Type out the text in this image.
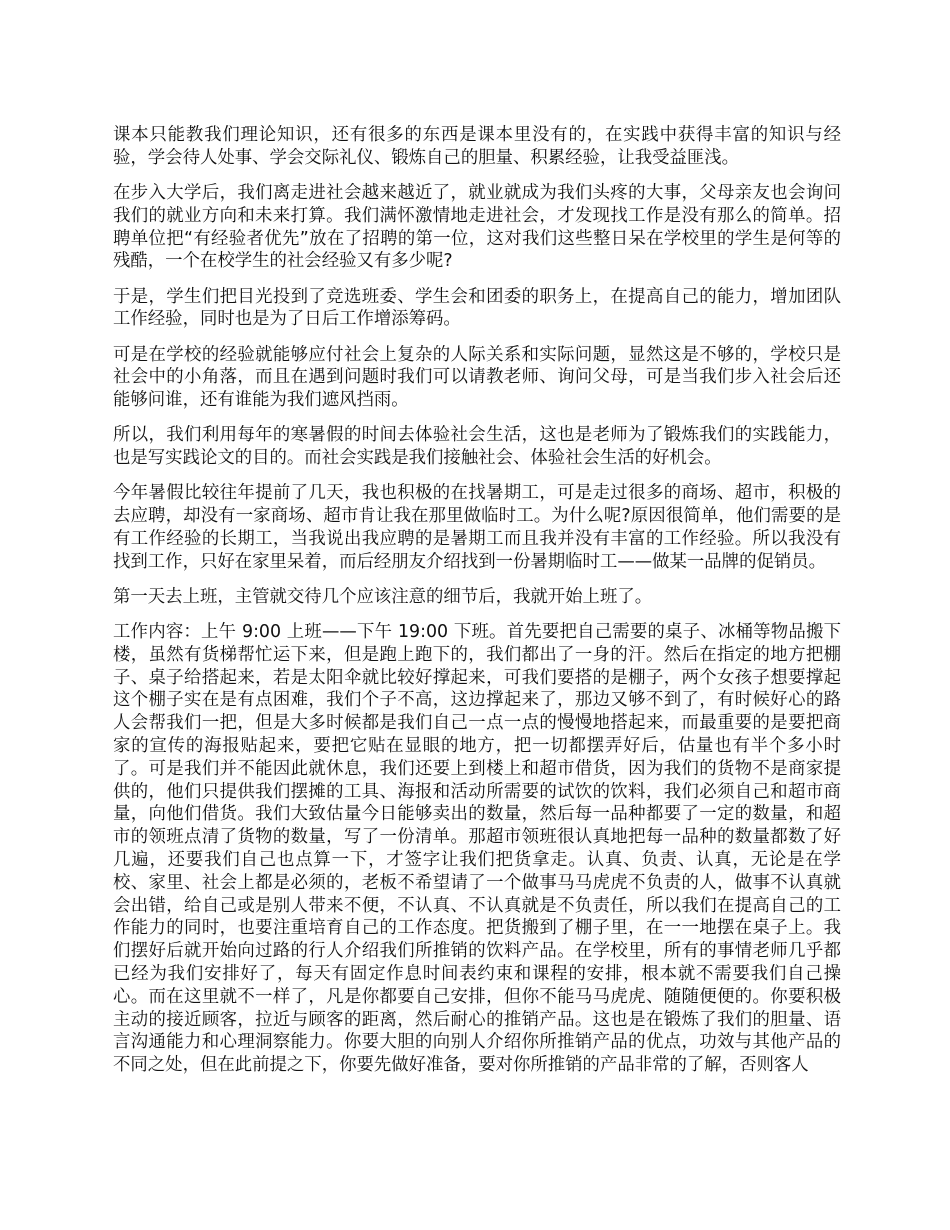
课本只能教我们理论知识，还有很多的东西是课本里没有的，在实践中获得丰富的知识与经验，学会待人处事、学会交际礼仪、锻炼自己的胆量、积累经验，让我受益匪浅。

在步入大学后，我们离走进社会越来越近了，就业就成为我们头疼的大事，父母亲友也会询问我们的就业方向和未来打算。我们满怀激情地走进社会，才发现找工作是没有那么的简单。招聘单位把“有经验者优先”放在了招聘的第一位，这对我们这些整日呆在学校里的学生是何等的残酷，一个在校学生的社会经验又有多少呢?

于是，学生们把目光投到了竞选班委、学生会和团委的职务上，在提高自己的能力，增加团队工作经验，同时也是为了日后工作增添筹码。

可是在学校的经验就能够应付社会上复杂的人际关系和实际问题，显然这是不够的，学校只是社会中的小角落，而且在遇到问题时我们可以请教老师、询问父母，可是当我们步入社会后还能够问谁，还有谁能为我们遮风挡雨。

所以，我们利用每年的寒暑假的时间去体验社会生活，这也是老师为了锻炼我们的实践能力，也是写实践论文的目的。而社会实践是我们接触社会、体验社会生活的好机会。

今年暑假比较往年提前了几天，我也积极的在找暑期工，可是走过很多的商场、超市，积极的去应聘，却没有一家商场、超市肯让我在那里做临时工。为什么呢?原因很简单，他们需要的是有工作经验的长期工，当我说出我应聘的是暑期工而且我并没有丰富的工作经验。所以我没有找到工作，只好在家里呆着，而后经朋友介绍找到一份暑期临时工——做某一品牌的促销员。

第一天去上班，主管就交待几个应该注意的细节后，我就开始上班了。

工作内容：上午 9:00 上班——下午 19:00 下班。首先要把自己需要的桌子、冰桶等物品搬下楼，虽然有货梯帮忙运下来，但是跑上跑下的，我们都出了一身的汗。然后在指定的地方把棚子、桌子给搭起来，若是太阳伞就比较好撑起来，可我们要搭的是棚子，两个女孩子想要撑起这个棚子实在是有点困难，我们个子不高，这边撑起来了，那边又够不到了，有时候好心的路人会帮我们一把，但是大多时候都是我们自己一点一点的慢慢地搭起来，而最重要的是要把商家的宣传的海报贴起来，要把它贴在显眼的地方，把一切都摆弄好后，估量也有半个多小时了。可是我们并不能因此就休息，我们还要上到楼上和超市借货，因为我们的货物不是商家提供的，他们只提供我们摆摊的工具、海报和活动所需要的试饮的饮料，我们必须自己和超市商量，向他们借货。我们大致估量今日能够卖出的数量，然后每一品种都要了一定的数量，和超市的领班点清了货物的数量，写了一份清单。那超市领班很认真地把每一品种的数量都数了好几遍，还要我们自己也点算一下，才签字让我们把货拿走。认真、负责、认真，无论是在学校、家里、社会上都是必须的，老板不希望请了一个做事马马虎虎不负责的人，做事不认真就会出错，给自己或是别人带来不便，不认真、不认真就是不负责任，所以我们在提高自己的工作能力的同时，也要注重培育自己的工作态度。把货搬到了棚子里，在一一地摆在桌子上。我们摆好后就开始向过路的行人介绍我们所推销的饮料产品。在学校里，所有的事情老师几乎都已经为我们安排好了，每天有固定作息时间表约束和课程的安排，根本就不需要我们自己操心。而在这里就不一样了，凡是你都要自己安排，但你不能马马虎虎、随随便便的。你要积极主动的接近顾客，拉近与顾客的距离，然后耐心的推销产品。这也是在锻炼了我们的胆量、语言沟通能力和心理洞察能力。你要大胆的向别人介绍你所推销产品的优点，功效与其他产品的不同之处，但在此前提之下，你要先做好准备，要对你所推销的产品非常的了解，否则客人
